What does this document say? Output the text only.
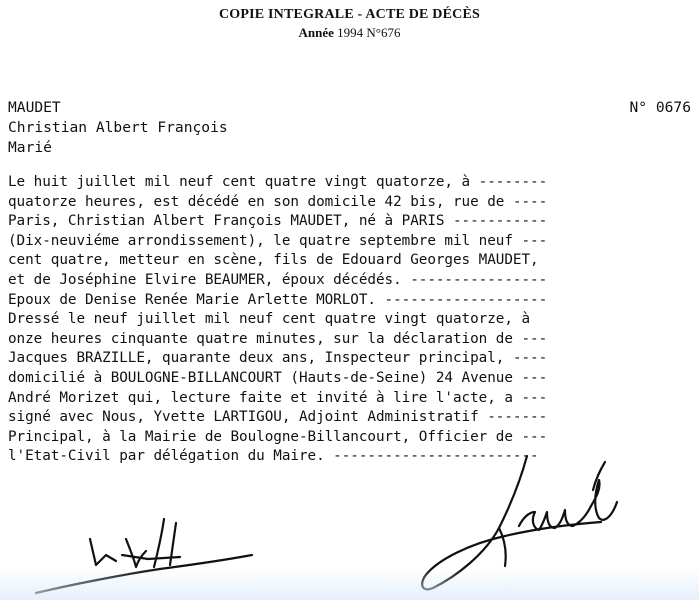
COPIE INTEGRALE - ACTE DE DÉCÈS
Année 1994 N°676
MAUDET
Christian Albert François
Marié
N° 0676
Le huit juillet mil neuf cent quatre vingt quatorze, à --------
quatorze heures, est décédé en son domicile 42 bis, rue de ----
Paris, Christian Albert François MAUDET, né à PARIS -----------
(Dix-neuviéme arrondissement), le quatre septembre mil neuf ---
cent quatre, metteur en scène, fils de Edouard Georges MAUDET,
et de Joséphine Elvire BEAUMER, époux décédés. ----------------
Epoux de Denise Renée Marie Arlette MORLOT. -------------------
Dressé le neuf juillet mil neuf cent quatre vingt quatorze, à
onze heures cinquante quatre minutes, sur la déclaration de ---
Jacques BRAZILLE, quarante deux ans, Inspecteur principal, ----
domicilié à BOULOGNE-BILLANCOURT (Hauts-de-Seine) 24 Avenue ---
André Morizet qui, lecture faite et invité à lire l'acte, a ---
signé avec Nous, Yvette LARTIGOU, Adjoint Administratif -------
Principal, à la Mairie de Boulogne-Billancourt, Officier de ---
l'Etat-Civil par délégation du Maire. ------------------------
